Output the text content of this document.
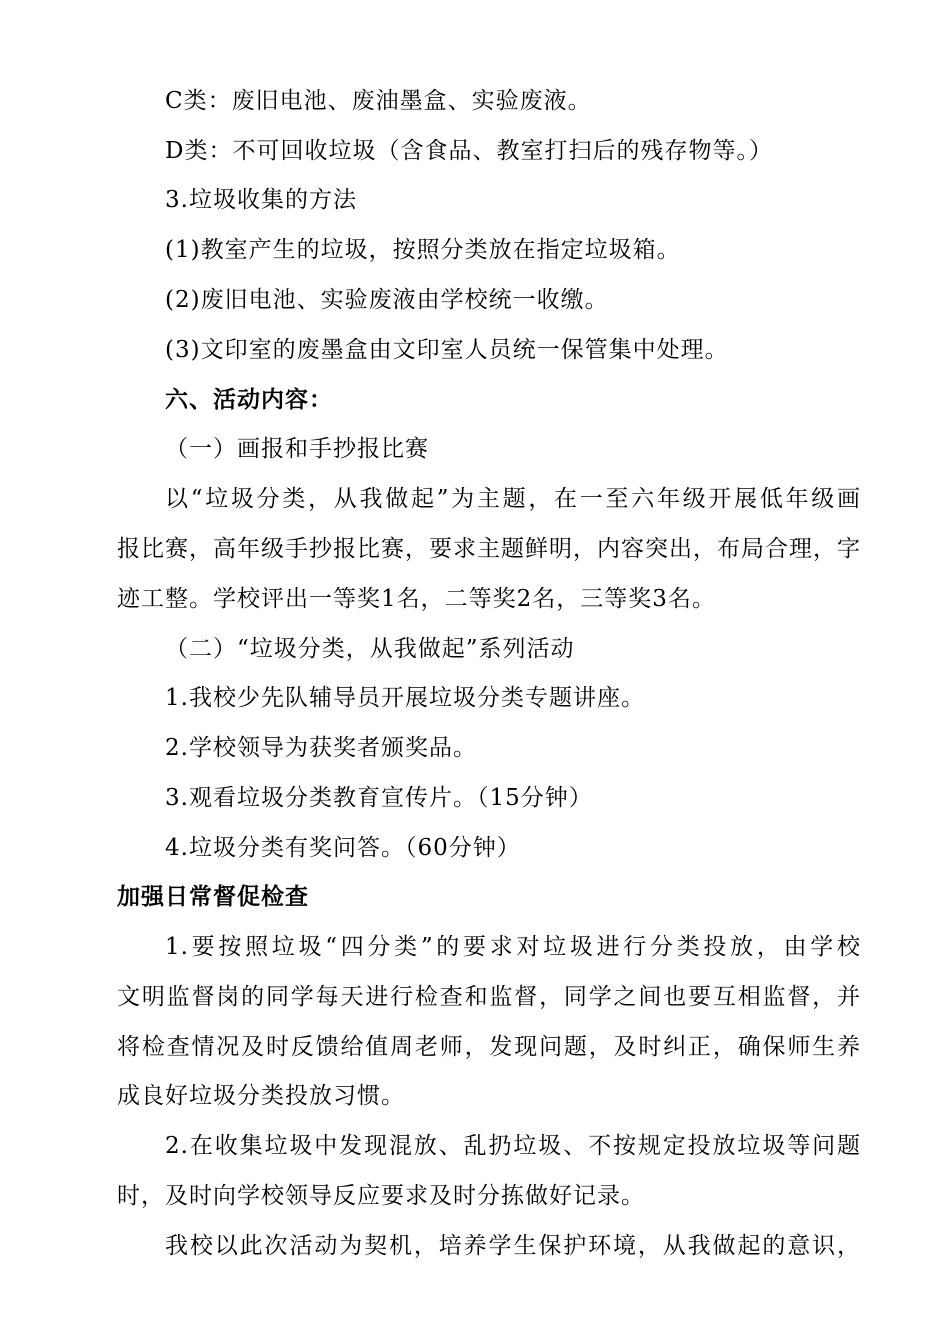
C类：废旧电池、废油墨盒、实验废液。
D类：不可回收垃圾（含食品、教室打扫后的残存物等。）
3.垃圾收集的方法
(1)教室产生的垃圾，按照分类放在指定垃圾箱。
(2)废旧电池、实验废液由学校统一收缴。
(3)文印室的废墨盒由文印室人员统一保管集中处理。
六、活动内容：
（一）画报和手抄报比赛
以“垃圾分类，从我做起”为主题，在一至六年级开展低年级画
报比赛，高年级手抄报比赛，要求主题鲜明，内容突出，布局合理，字
迹工整。学校评出一等奖1名，二等奖2名，三等奖3名。
（二）“垃圾分类，从我做起”系列活动
1.我校少先队辅导员开展垃圾分类专题讲座。
2.学校领导为获奖者颁奖品。
3.观看垃圾分类教育宣传片。（15分钟）
4.垃圾分类有奖问答。（60分钟）
加强日常督促检查
1.要按照垃圾“四分类”的要求对垃圾进行分类投放，由学校
文明监督岗的同学每天进行检查和监督，同学之间也要互相监督，并
将检查情况及时反馈给值周老师，发现问题，及时纠正，确保师生养
成良好垃圾分类投放习惯。
2.在收集垃圾中发现混放、乱扔垃圾、不按规定投放垃圾等问题
时，及时向学校领导反应要求及时分拣做好记录。
我校以此次活动为契机，培养学生保护环境，从我做起的意识，
